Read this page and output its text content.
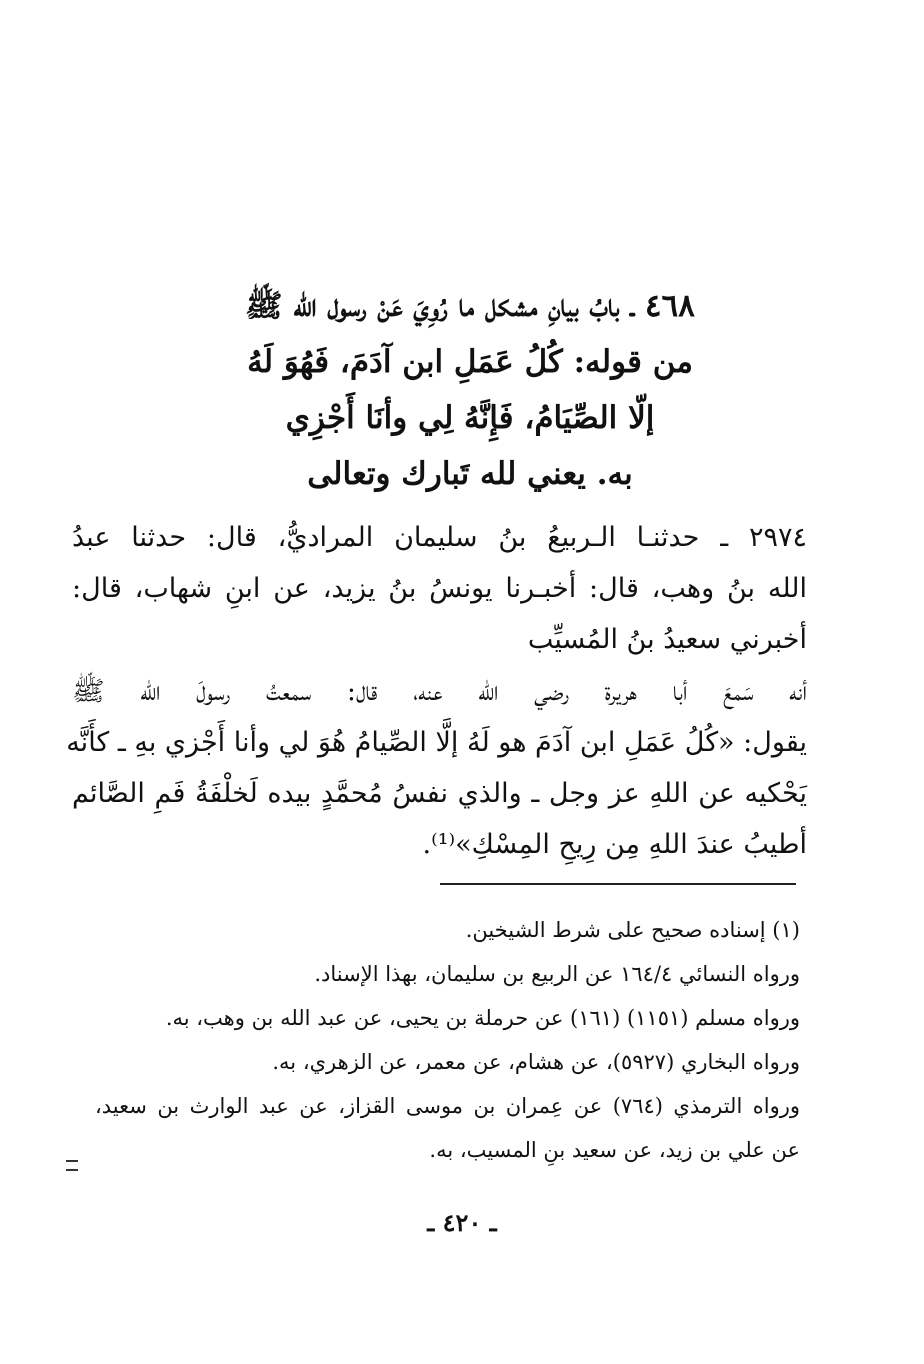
٤٦٨ ـ بابُ بيانِ مشكل ما رُوِيَ عَنْ رسول الله ﷺ
من قوله: كُلُ عَمَلِ ابن آدَمَ، فَهُوَ لَهُ
إلّا الصِّيَامُ، فَإِنَّهُ لِي وأنَا أَجْزِي
به. يعني لله تَبارك وتعالى
٢٩٧٤ ـ حدثنـا الـربيعُ بنُ سليمان المراديُّ، قال: حدثنا عبدُ
الله بنُ وهب، قال: أخبـرنا يونسُ بنُ يزيد، عن ابنِ شهاب، قال:
أخبرني سعيدُ بنُ المُسيِّب
أنه سَمعَ أبا هريرة رضي الله عنه، قال: سمعتُ رسولَ الله ﷺ
يقول: «كُلُ عَمَلِ ابن آدَمَ هو لَهُ إلَّا الصِّيامُ هُوَ لي وأنا أَجْزي بهِ ـ كأَنَّه
يَحْكيه عن اللهِ عز وجل ـ والذي نفسُ مُحمَّدٍ بيده لَخلْفَةُ فَمِ الصَّائم
أطيبُ عندَ اللهِ مِن رِيحِ المِسْكِ»⁽¹⁾.
(١) إسناده صحيح على شرط الشيخين.
ورواه النسائي ١٦٤/٤ عن الربيع بن سليمان، بهذا الإسناد.
ورواه مسلم (١١٥١) (١٦١) عن حرملة بن يحيى، عن عبد الله بن وهب، به.
ورواه البخاري (٥٩٢٧)، عن هشام، عن معمر، عن الزهري، به.
ورواه الترمذي (٧٦٤) عن عِمران بن موسى القزاز، عن عبد الوارث بن سعيد،
عن علي بن زيد، عن سعيد بنِ المسيب، به.
ـ ٤٢٠ ـ
